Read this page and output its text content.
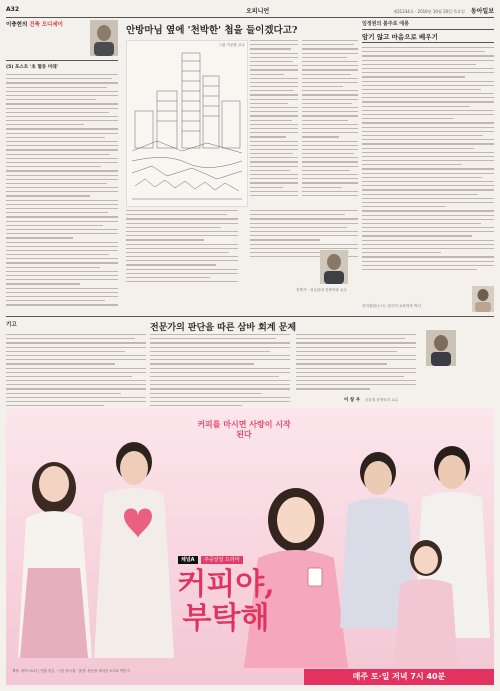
A32	오피니언	제31234호 · 2016년 10월 20일 목요일 동아일보
이충현의 건축 오디세이
(5) 포스트 '초 혈류 미래'
안방마님 옆에 '천박한' 첩을 들이겠다고?
그림 이준환 교수
건축가 · 성균관대 건축학과 교수
임정원의 봄주로 에릉
암기 않고 마음으로 배우기
음악칼럼니스트 한국어 교육학자 박사
기고	전문가의 판단을 따른 삼바 회계 문제
이 창 우 서울대 경영학과 교수
커피를 마시면 사랑이 시작된다
채널A 주중일일 드라마
커피야,
부탁해
제작: 에이스토리 | 연출 한돈 · 극본 장시권 · 출연: 용준형 채서진 오지호 박민지
매주 토·일 저녁 7시 40분
